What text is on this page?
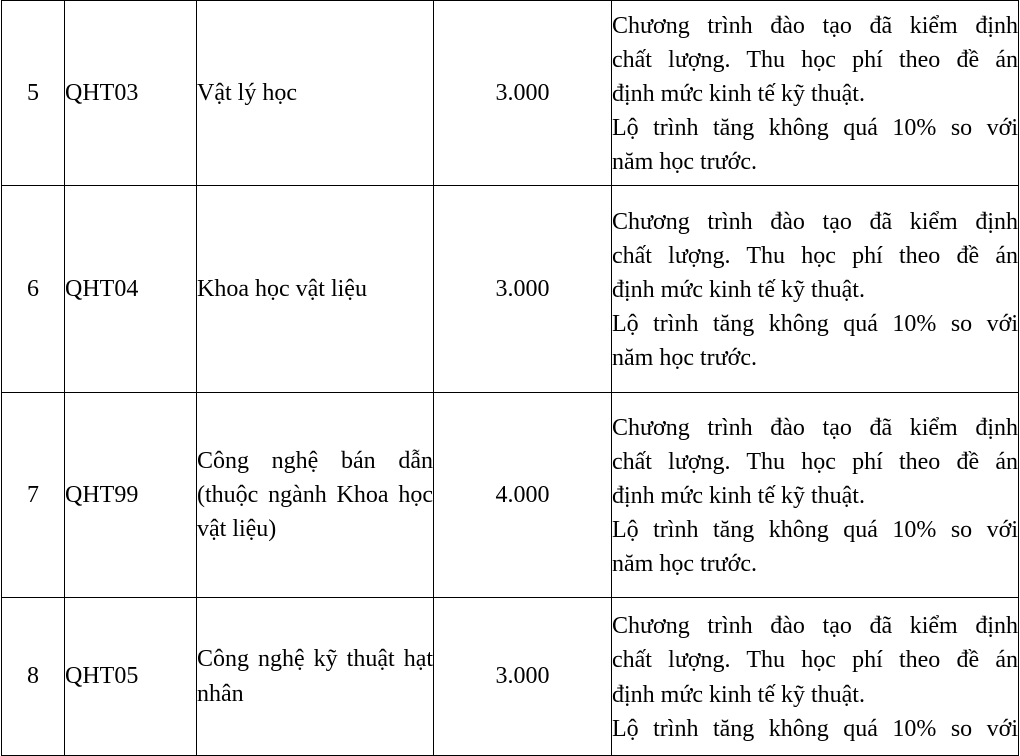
5	QHT03	Vật lý học	3.000	Chương trình đào tạo đã kiểm định
chất lượng. Thu học phí theo đề án
định mức kinh tế kỹ thuật.
Lộ trình tăng không quá 10% so với
năm học trước.

6	QHT04	Khoa học vật liệu	3.000	Chương trình đào tạo đã kiểm định
chất lượng. Thu học phí theo đề án
định mức kinh tế kỹ thuật.
Lộ trình tăng không quá 10% so với
năm học trước.

7	QHT99	Công nghệ bán dẫn (thuộc ngành Khoa học vật liệu)	4.000	Chương trình đào tạo đã kiểm định
chất lượng. Thu học phí theo đề án
định mức kinh tế kỹ thuật.
Lộ trình tăng không quá 10% so với
năm học trước.

8	QHT05	Công nghệ kỹ thuật hạt nhân	3.000	Chương trình đào tạo đã kiểm định
chất lượng. Thu học phí theo đề án
định mức kinh tế kỹ thuật.
Lộ trình tăng không quá 10% so với
